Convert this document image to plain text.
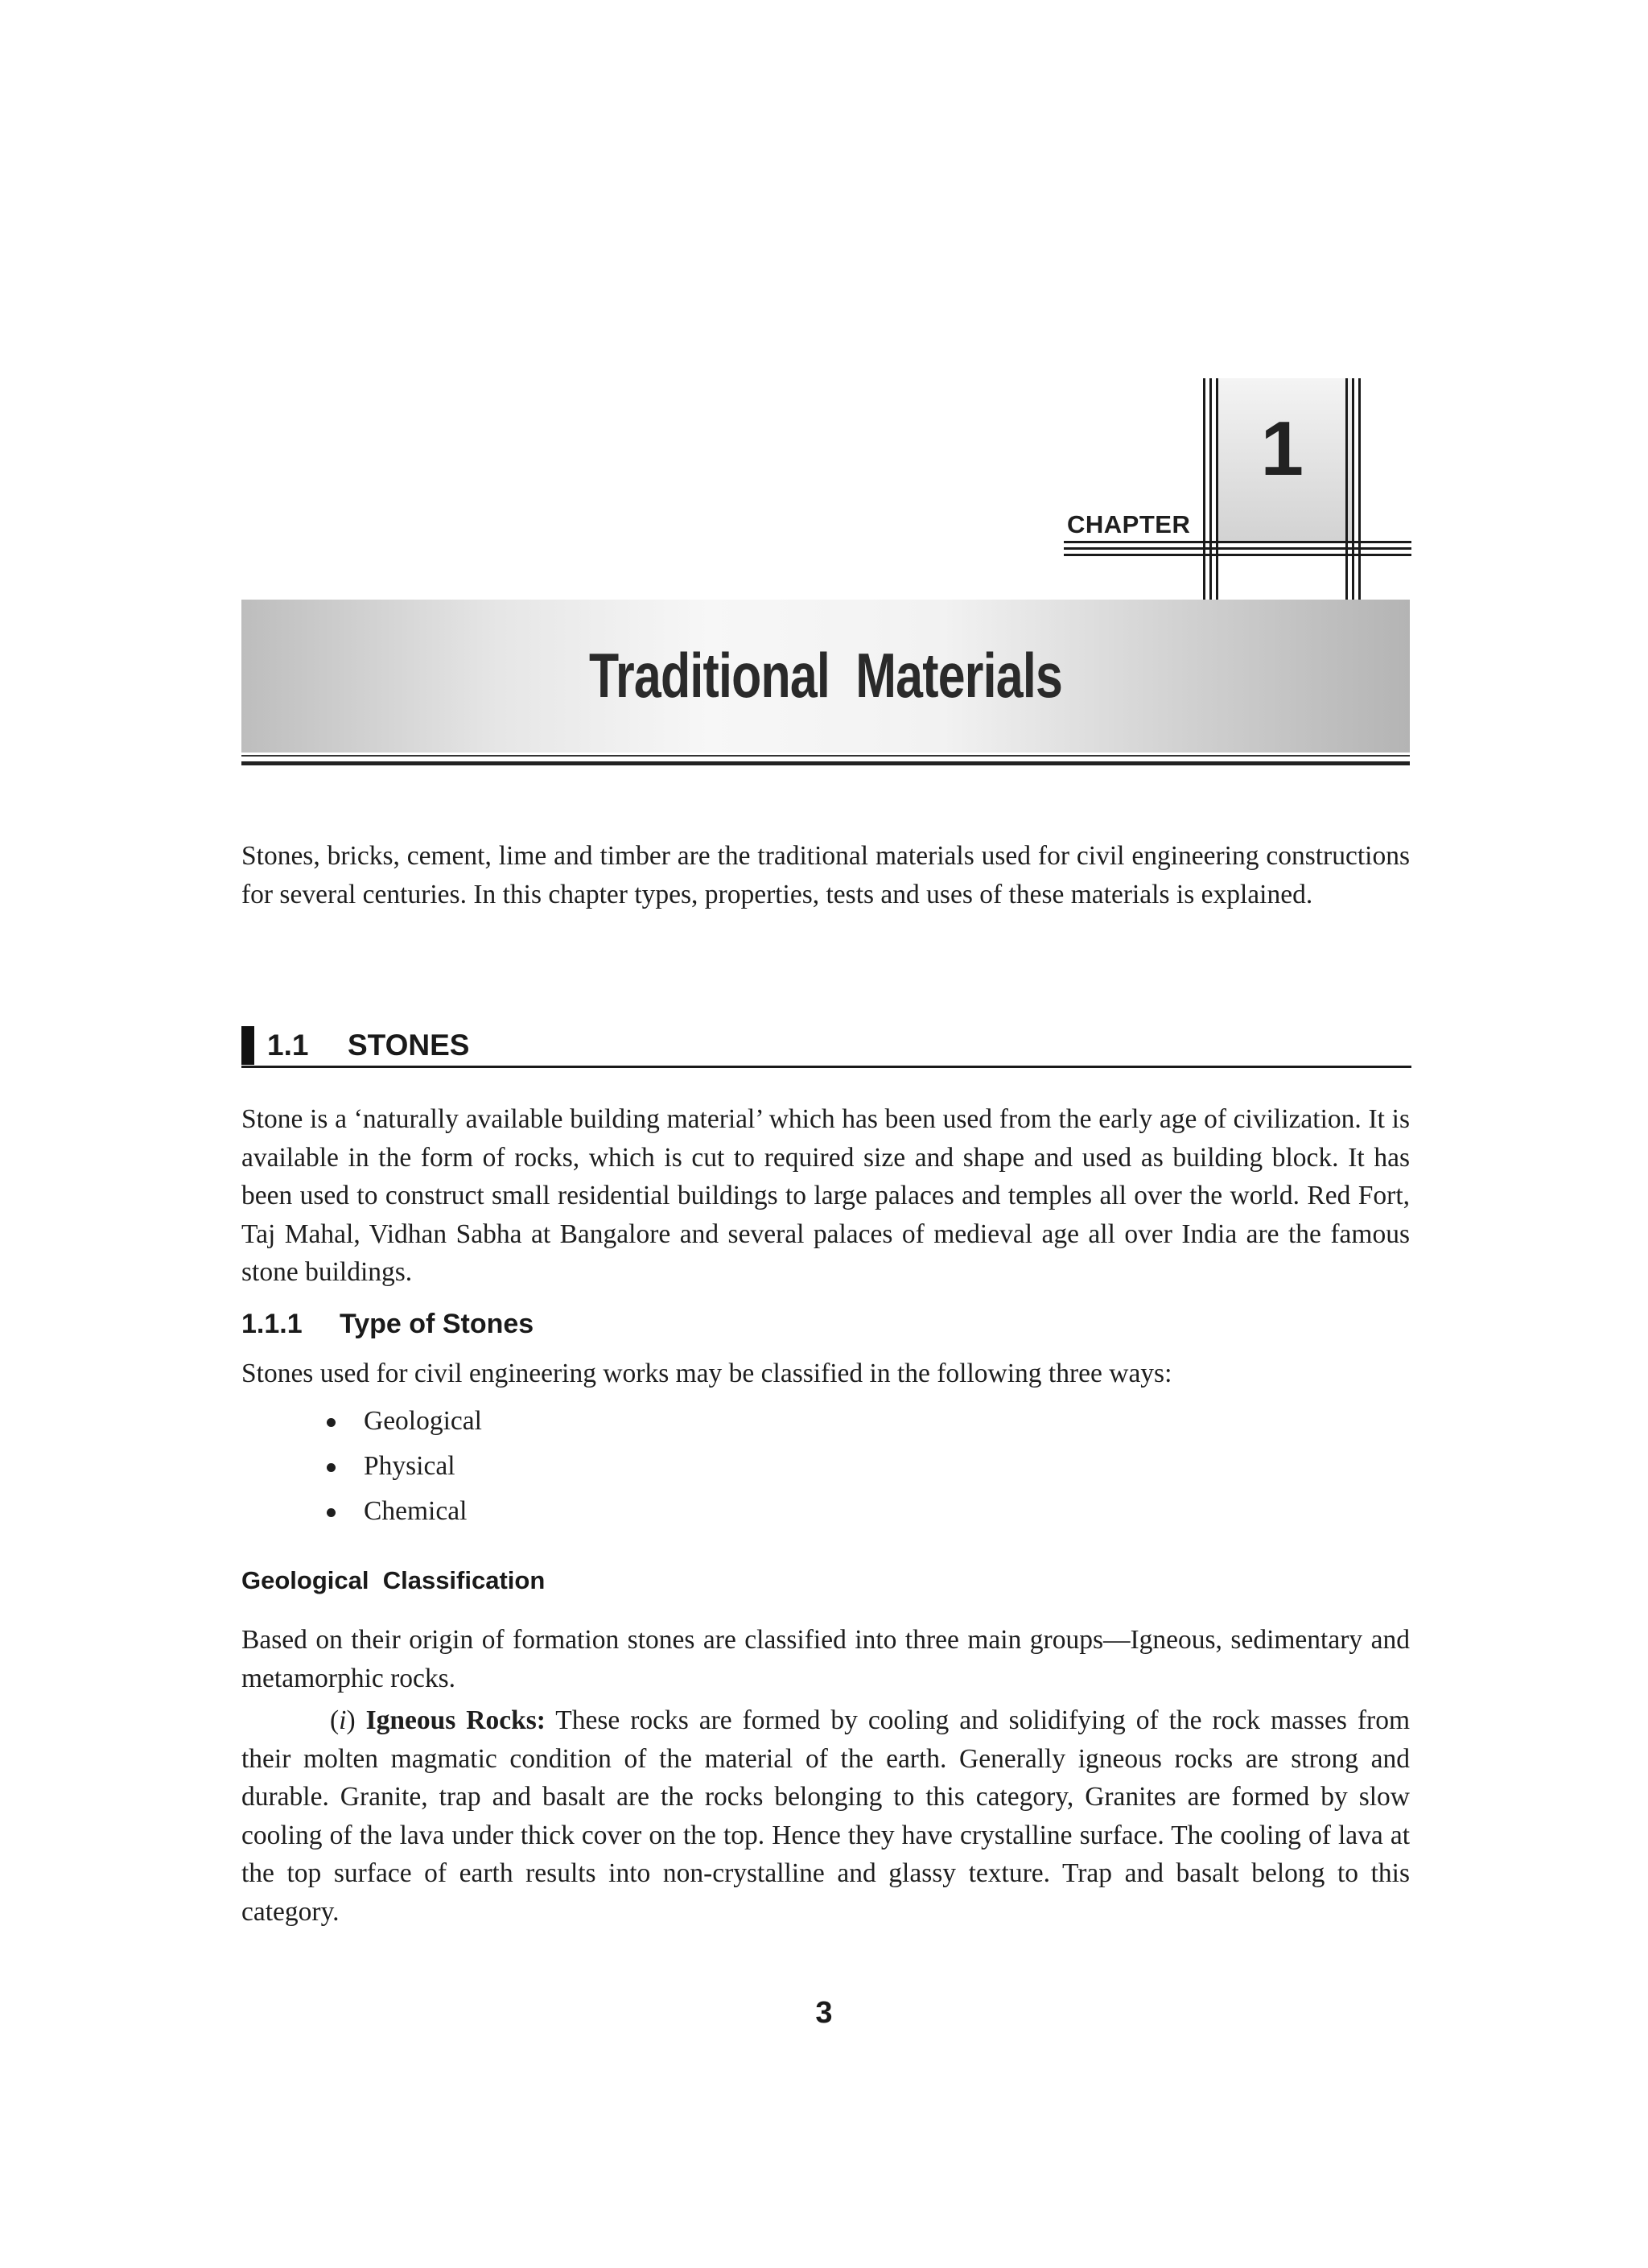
1
CHAPTER
Traditional  Materials

Stones, bricks, cement, lime and timber are the traditional materials used for civil engineering constructions for several centuries. In this chapter types, properties, tests and uses of these materials is explained.

1.1 STONES

Stone is a ‘naturally available building material’ which has been used from the early age of civilization. It is available in the form of rocks, which is cut to required size and shape and used as building block. It has been used to construct small residential buildings to large palaces and temples all over the world. Red Fort, Taj Mahal, Vidhan Sabha at Bangalore and several palaces of medieval age all over India are the famous stone buildings.

1.1.1 Type of Stones

Stones used for civil engineering works may be classified in the following three ways:

Geological
Physical
Chemical
Geological  Classification

Based on their origin of formation stones are classified into three main groups—Igneous, sedimentary and metamorphic rocks.

(i) Igneous Rocks: These rocks are formed by cooling and solidifying of the rock masses from their molten magmatic condition of the material of the earth. Generally igneous rocks are strong and durable. Granite, trap and basalt are the rocks belonging to this category, Granites are formed by slow cooling of the lava under thick cover on the top. Hence they have crystalline surface. The cooling of lava at the top surface of earth results into non-crystalline and glassy texture. Trap and basalt belong to this category.

3
